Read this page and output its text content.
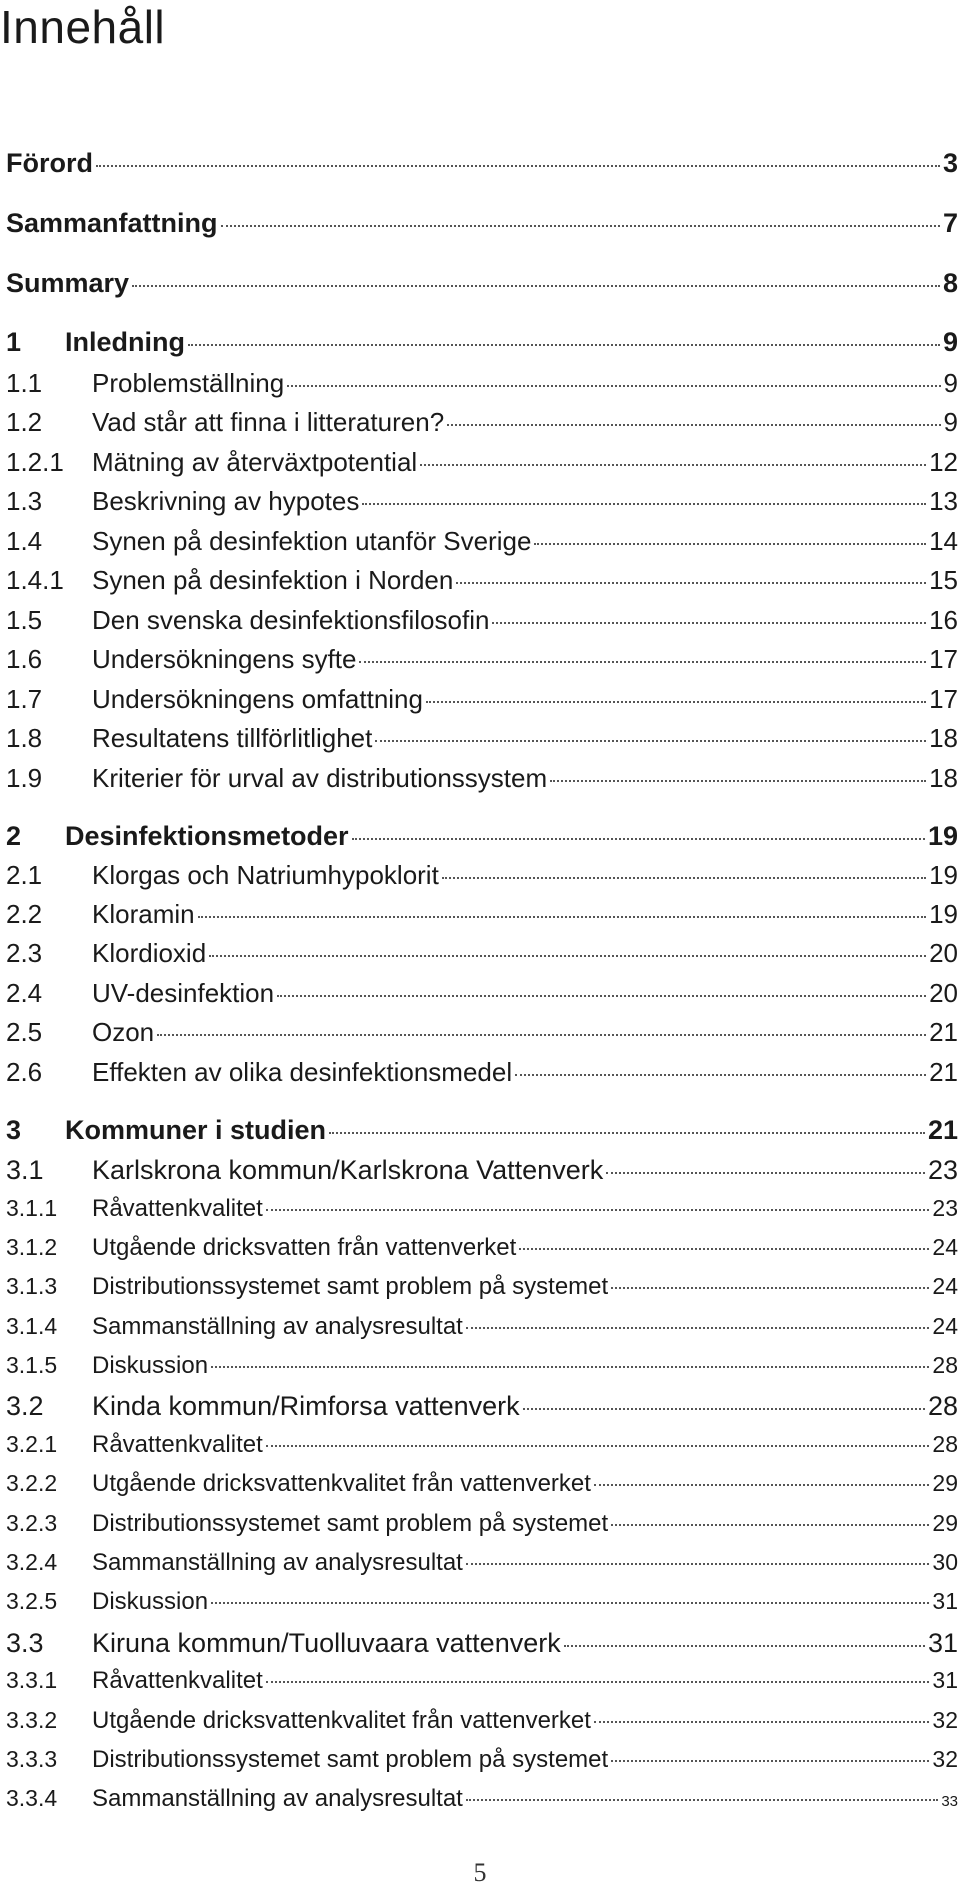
Innehåll
Förord	3
Sammanfattning	7
Summary	8
1	Inledning	9
1.1	Problemställning	9
1.2	Vad står att finna i litteraturen?	9
1.2.1	Mätning av återväxtpotential	12
1.3	Beskrivning av hypotes	13
1.4	Synen på desinfektion utanför Sverige	14
1.4.1	Synen på desinfektion i Norden	15
1.5	Den svenska desinfektionsfilosofin	16
1.6	Undersökningens syfte	17
1.7	Undersökningens omfattning	17
1.8	Resultatens tillförlitlighet	18
1.9	Kriterier för urval av distributionssystem	18
2	Desinfektionsmetoder	19
2.1	Klorgas och Natriumhypoklorit	19
2.2	Kloramin	19
2.3	Klordioxid	20
2.4	UV-desinfektion	20
2.5	Ozon	21
2.6	Effekten av olika desinfektionsmedel	21
3	Kommuner i studien	21
3.1	Karlskrona kommun/Karlskrona Vattenverk	23
3.1.1	Råvattenkvalitet	23
3.1.2	Utgående dricksvatten från vattenverket	24
3.1.3	Distributionssystemet samt problem på systemet	24
3.1.4	Sammanställning av analysresultat	24
3.1.5	Diskussion	28
3.2	Kinda kommun/Rimforsa vattenverk	28
3.2.1	Råvattenkvalitet	28
3.2.2	Utgående dricksvattenkvalitet från vattenverket	29
3.2.3	Distributionssystemet samt problem på systemet	29
3.2.4	Sammanställning av analysresultat	30
3.2.5	Diskussion	31
3.3	Kiruna kommun/Tuolluvaara vattenverk	31
3.3.1	Råvattenkvalitet	31
3.3.2	Utgående dricksvattenkvalitet från vattenverket	32
3.3.3	Distributionssystemet samt problem på systemet	32
3.3.4	Sammanställning av analysresultat	33
5
